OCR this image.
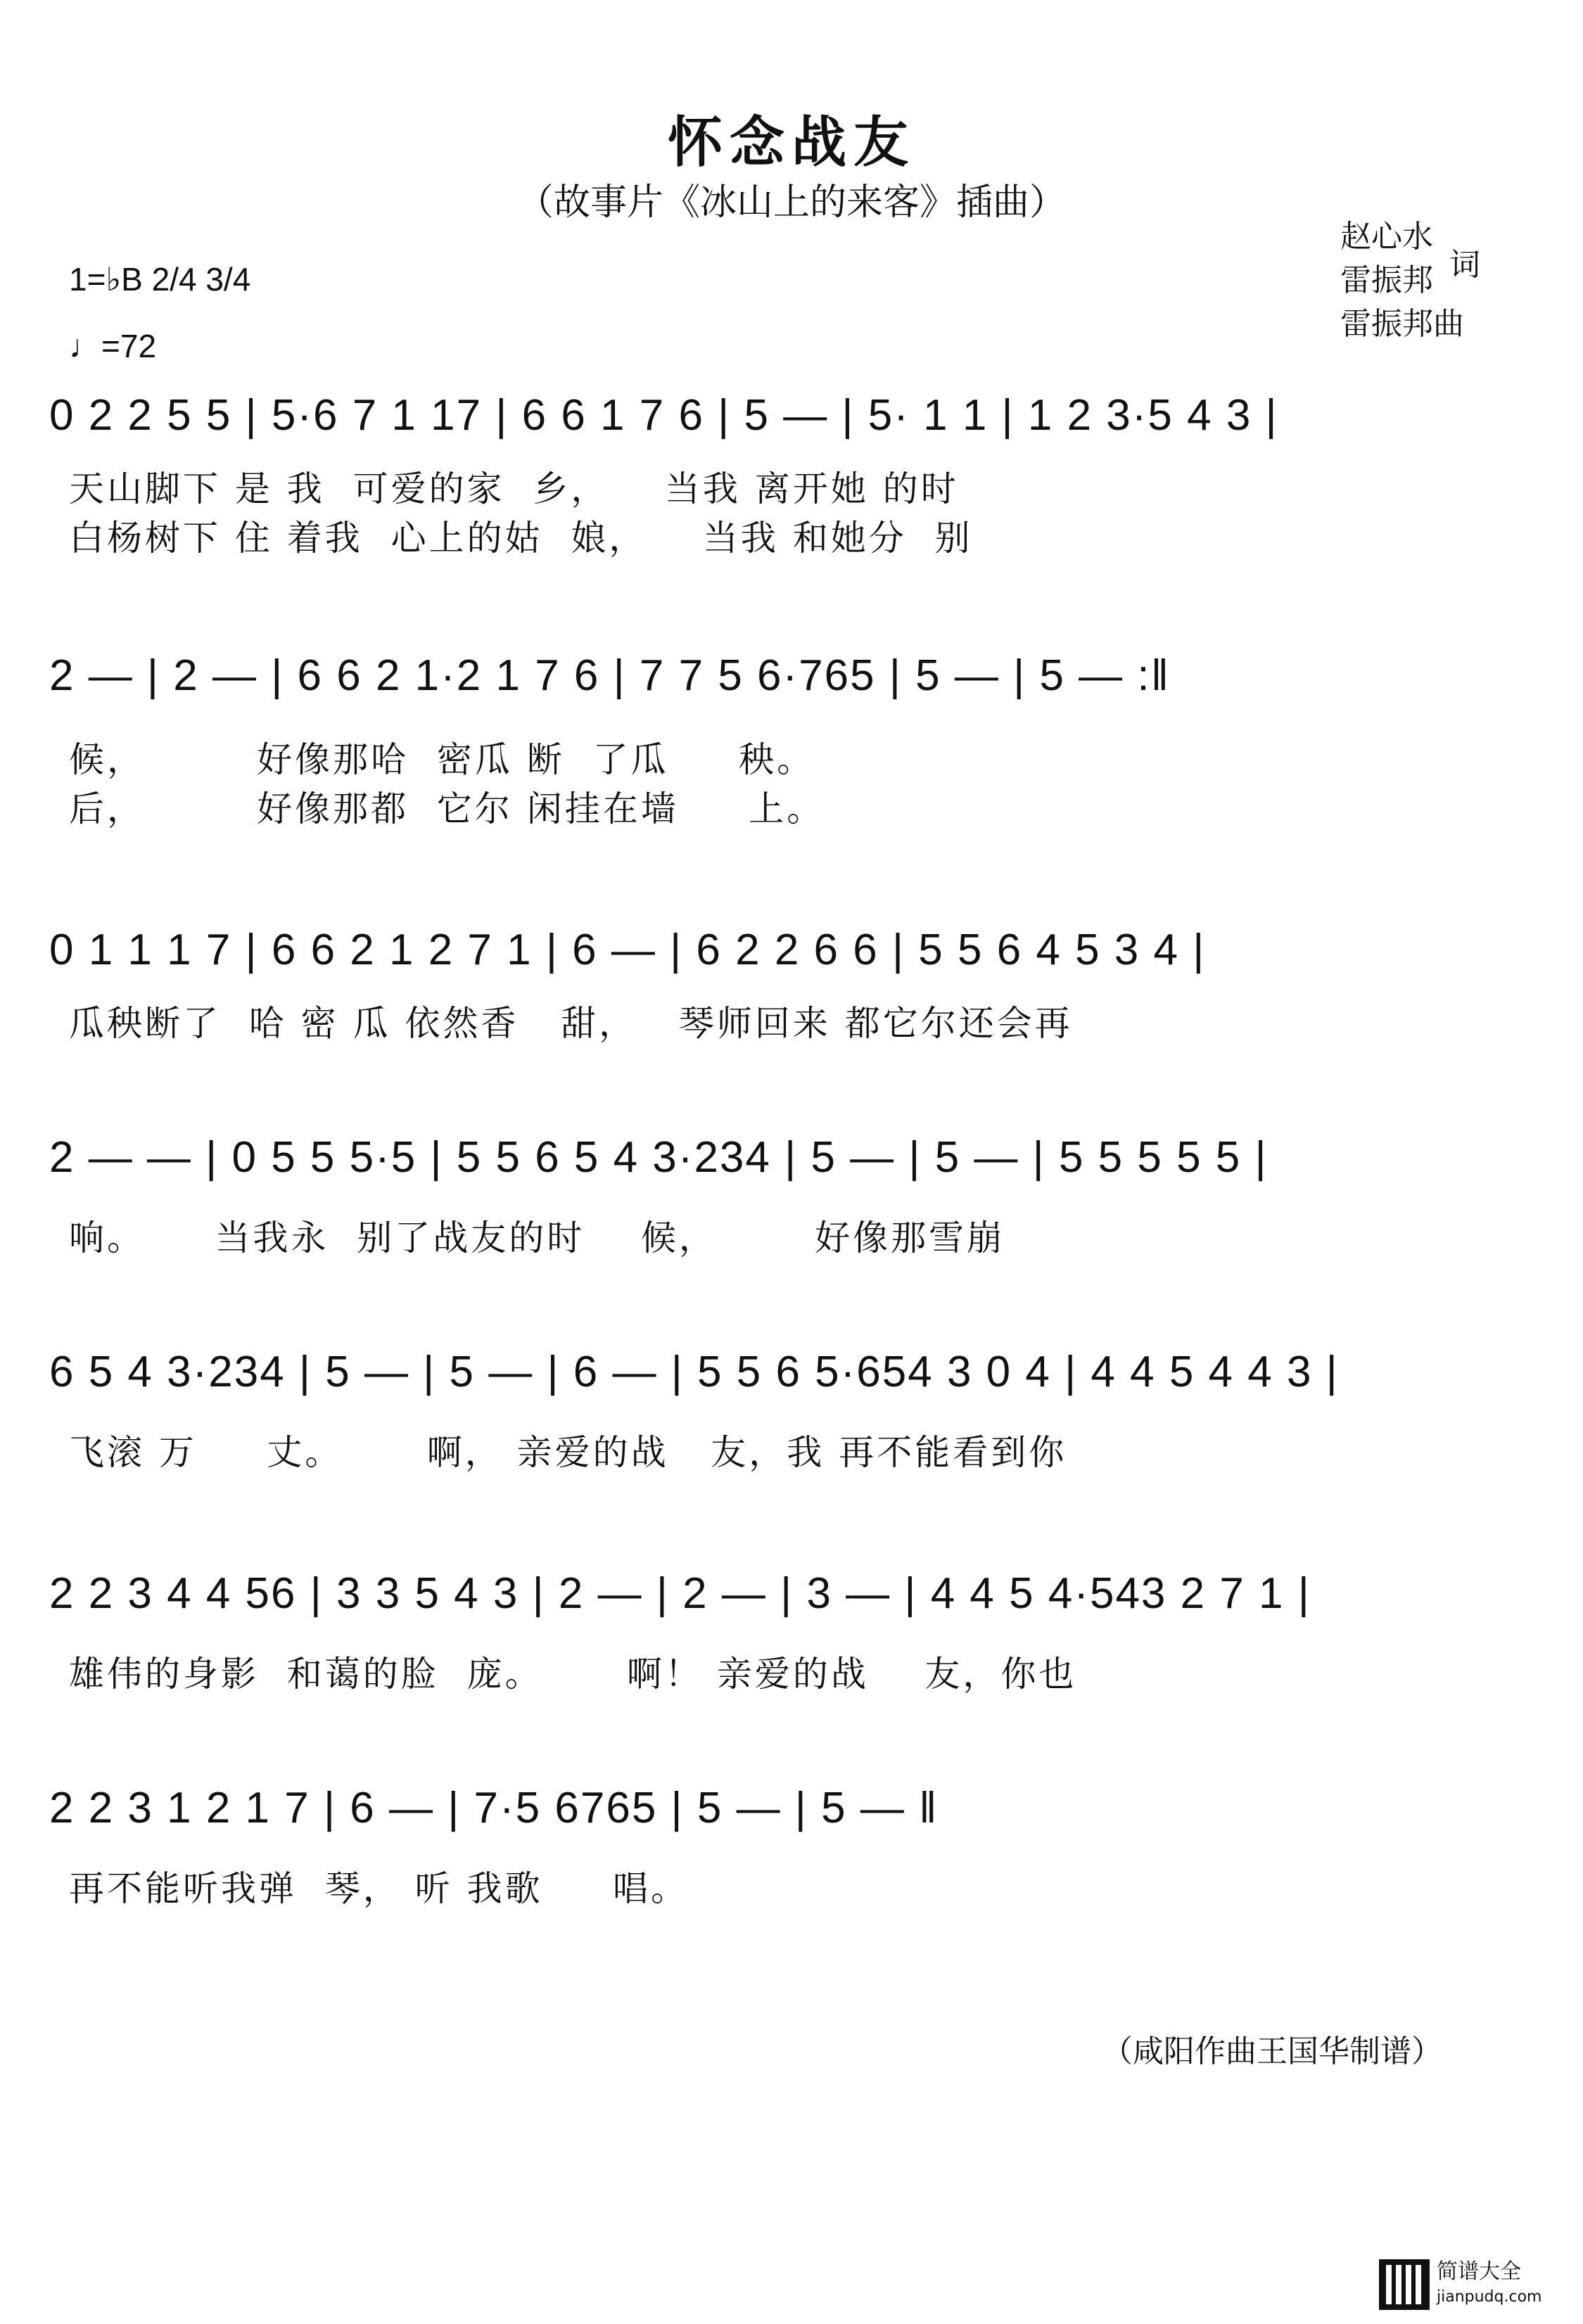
怀念战友
（故事片《冰山上的来客》插曲）
赵心水
词
雷振邦
雷振邦曲
1=♭B 2/4 3/4
♩=72
0 2 2 5 5 | 5·6 7 1 17 | 6 6 1 7 6 | 5 — | 5· 1 1 | 1 2 3·5 4 3 |
天山脚下 是 我  可爱的家  乡，    当我 离开她 的时
白杨树下 住 着我  心上的姑  娘，    当我 和她分  别
2 — | 2 — | 6 6 2 1·2 1 7 6 | 7 7 5 6·765 | 5 — | 5 — :‖
候，        好像那哈  密瓜 断  了瓜     秧。
后，        好像那都  它尔 闲挂在墙     上。
0 1 1 1 7 | 6 6 2 1 2 7 1 | 6 — | 6 2 2 6 6 | 5 5 6 4 5 3 4 |
瓜秧断了  哈 密 瓜 依然香   甜，   琴师回来 都它尔还会再
2 — — | 0 5 5 5·5 | 5 5 6 5 4 3·234 | 5 — | 5 — | 5 5 5 5 5 |
响。     当我永  别了战友的时    候，       好像那雪崩
6 5 4 3·234 | 5 — | 5 — | 6 — | 5 5 6 5·654 3 0 4 | 4 4 5 4 4 3 |
飞滚 万     丈。      啊， 亲爱的战   友，我 再不能看到你
2 2 3 4 4 56 | 3 3 5 4 3 | 2 — | 2 — | 3 — | 4 4 5 4·543 2 7 1 |
雄伟的身影  和蔼的脸  庞。      啊！ 亲爱的战    友，你也
2 2 3 1 2 1 7 | 6 — | 7·5 6765 | 5 — | 5 — ‖
再不能听我弹  琴， 听 我歌     唱。
（咸阳作曲王国华制谱）
简谱大全
jianpudq.com
